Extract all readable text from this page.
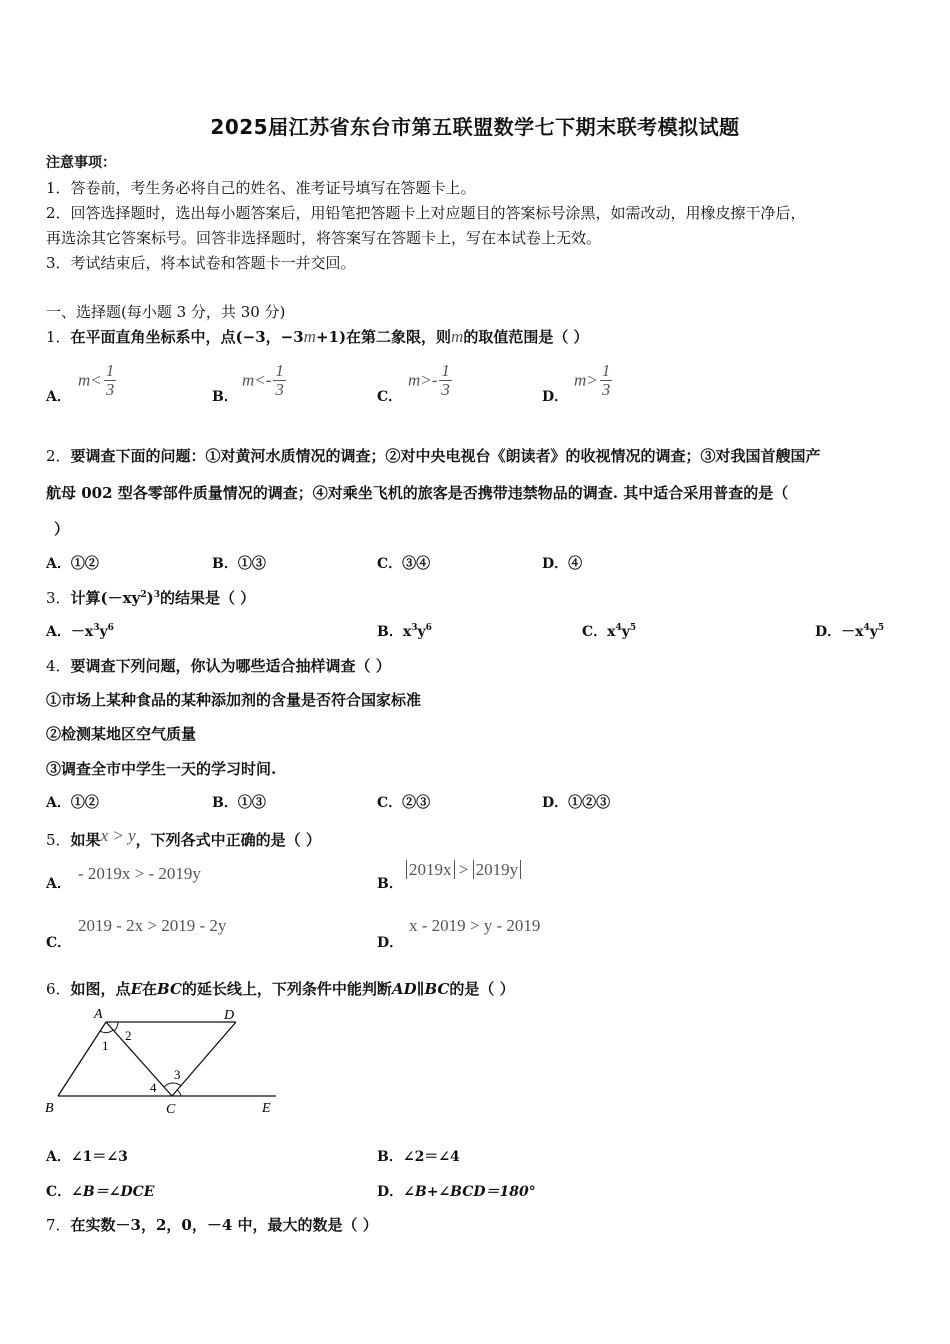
2025届江苏省东台市第五联盟数学七下期末联考模拟试题
注意事项：
1．答卷前，考生务必将自己的姓名、准考证号填写在答题卡上。
2．回答选择题时，选出每小题答案后，用铅笔把答题卡上对应题目的答案标号涂黑，如需改动，用橡皮擦干净后，
再选涂其它答案标号。回答非选择题时，将答案写在答题卡上，写在本试卷上无效。
3．考试结束后，将本试卷和答题卡一并交回。
一、选择题(每小题 3 分，共 30 分)
1．在平面直角坐标系中，点(−3，−3m+1)在第二象限，则m的取值范围是（ ）
A．
$m< \frac{1}{3}$	B．
$m<- \frac{1}{3}$	C．
$m>- \frac{1}{3}$	D．
$m> \frac{1}{3}$
2．要调查下面的问题：①对黄河水质情况的调查；②对中央电视台《朗读者》的收视情况的调查；③对我国首艘国产
航母 002 型各零部件质量情况的调查；④对乘坐飞机的旅客是否携带违禁物品的调查. 其中适合采用普查的是（
）
A．①②	B．①③	C．③④	D．④
3．计算$(-xy^2)^3$的结果是（ ）
A．$-x^3y^6$	B．$x^3y^6$	C．$x^4y^5$	D．$-x^4y^5$
4．要调查下列问题，你认为哪些适合抽样调查（ ）
①市场上某种食品的某种添加剂的含量是否符合国家标准
②检测某地区空气质量
③调查全市中学生一天的学习时间.
A．①②	B．①③	C．②③	D．①②③
5．如果x > y，下列各式中正确的是（ ）
A．
- 2019x > - 2019y
B．
2019x > 2019y
C．
2019 - 2x > 2019 - 2y
D．
x - 2019 > y - 2019
6．如图，点E在BC的延长线上，下列条件中能判断AD∥BC的是（ ）
A	D
B	C	E
1
2
3
4
A．∠1＝∠3	B．∠2＝∠4
C．∠B＝∠DCE	D．∠B+∠BCD＝180°
7．在实数－3，2，0，－4 中，最大的数是（ ）
